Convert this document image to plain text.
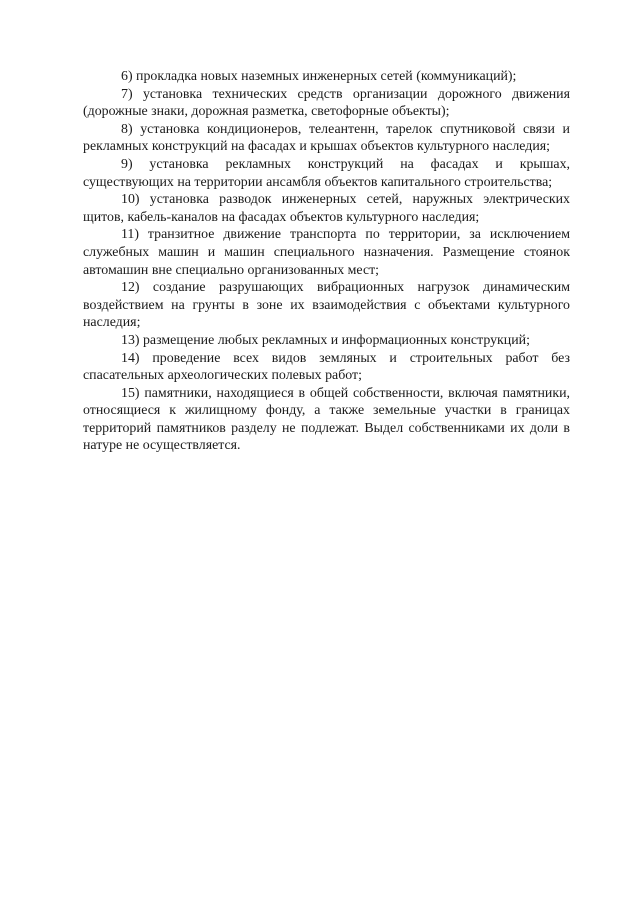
6) прокладка новых наземных инженерных сетей (коммуникаций);

7) установка технических средств организации дорожного движения (дорожные знаки, дорожная разметка, светофорные объекты);

8) установка кондиционеров, телеантенн, тарелок спутниковой связи и рекламных конструкций на фасадах и крышах объектов культурного наследия;

9) установка рекламных конструкций на фасадах и крышах, существующих на территории ансамбля объектов капитального строительства;

10) установка разводок инженерных сетей, наружных электрических щитов, кабель-каналов на фасадах объектов культурного наследия;

11) транзитное движение транспорта по территории, за исключением служебных машин и машин специального назначения. Размещение стоянок автомашин вне специально организованных мест;

12) создание разрушающих вибрационных нагрузок динамическим воздействием на грунты в зоне их взаимодействия с объектами культурного наследия;

13) размещение любых рекламных и информационных конструкций;

14) проведение всех видов земляных и строительных работ без спасательных археологических полевых работ;

15) памятники, находящиеся в общей собственности, включая памятники, относящиеся к жилищному фонду, а также земельные участки в границах территорий памятников разделу не подлежат. Выдел собственниками их доли в натуре не осуществляется.
